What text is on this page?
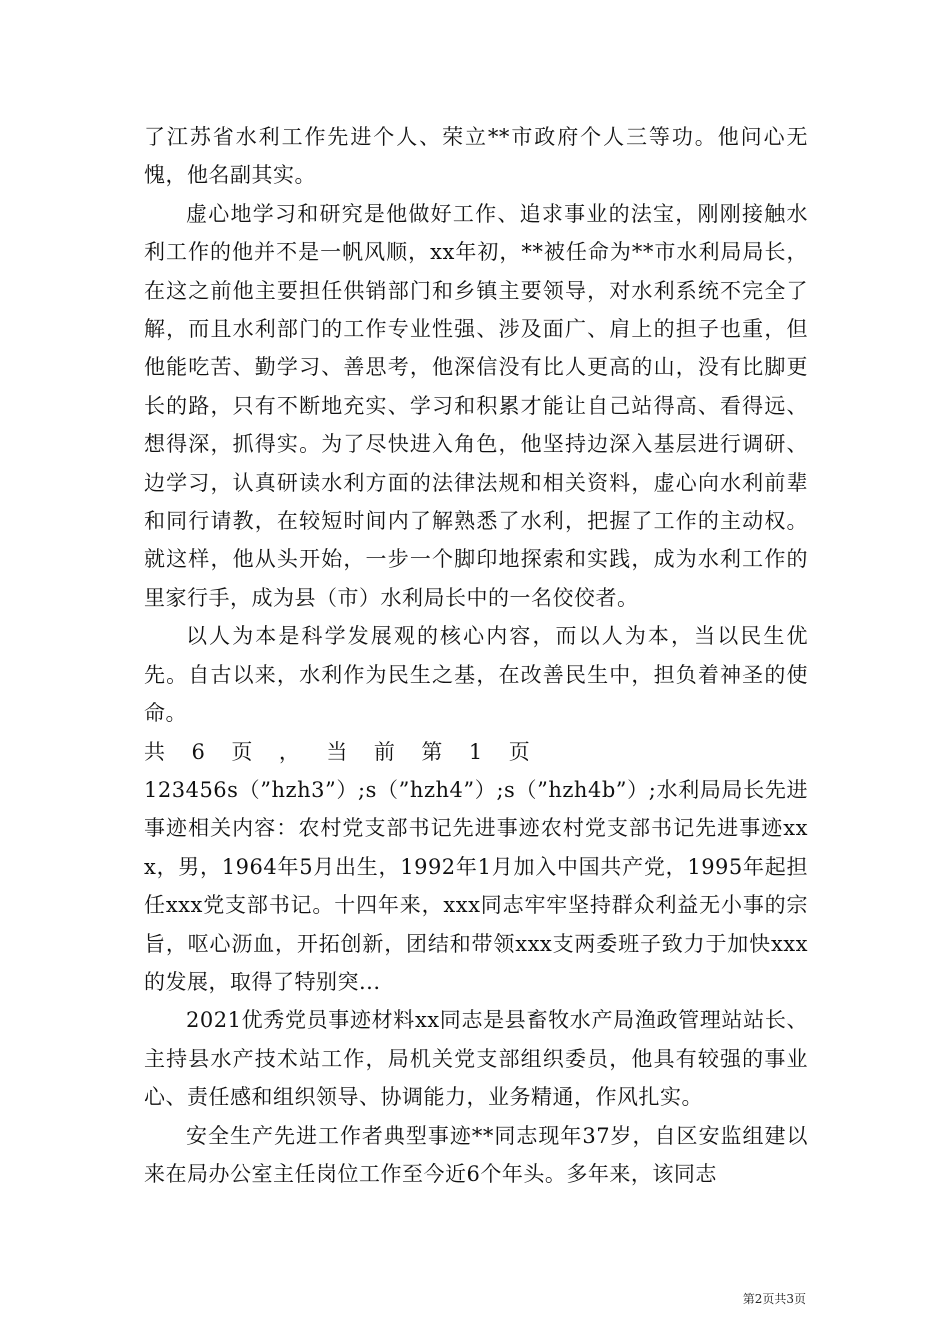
了江苏省水利工作先进个人、荣立**市政府个人三等功。他问心无愧，他名副其实。

虚心地学习和研究是他做好工作、追求事业的法宝，刚刚接触水利工作的他并不是一帆风顺，xx年初，**被任命为**市水利局局长，在这之前他主要担任供销部门和乡镇主要领导，对水利系统不完全了解，而且水利部门的工作专业性强、涉及面广、肩上的担子也重，但他能吃苦、勤学习、善思考，他深信没有比人更高的山，没有比脚更长的路，只有不断地充实、学习和积累才能让自己站得高、看得远、想得深，抓得实。为了尽快进入角色，他坚持边深入基层进行调研、边学习，认真研读水利方面的法律法规和相关资料，虚心向水利前辈和同行请教，在较短时间内了解熟悉了水利，把握了工作的主动权。就这样，他从头开始，一步一个脚印地探索和实践，成为水利工作的里家行手，成为县（市）水利局长中的一名佼佼者。

以人为本是科学发展观的核心内容，而以人为本，当以民生优先。自古以来，水利作为民生之基，在改善民生中，担负着神圣的使命。

共 6 页 ， 当 前 第 1 页

123456s（”hzh3”）;s（”hzh4”）;s（”hzh4b”）;水利局局长先进事迹相关内容：农村党支部书记先进事迹农村党支部书记先进事迹xxx，男，1964年5月出生，1992年1月加入中国共产党，1995年起担任xxx党支部书记。十四年来，xxx同志牢牢坚持群众利益无小事的宗旨，呕心沥血，开拓创新，团结和带领xxx支两委班子致力于加快xxx的发展，取得了特别突...

2021优秀党员事迹材料xx同志是县畜牧水产局渔政管理站站长、主持县水产技术站工作，局机关党支部组织委员，他具有较强的事业心、责任感和组织领导、协调能力，业务精通，作风扎实。

安全生产先进工作者典型事迹**同志现年37岁，自区安监组建以来在局办公室主任岗位工作至今近6个年头。多年来，该同志

第2页共3页
